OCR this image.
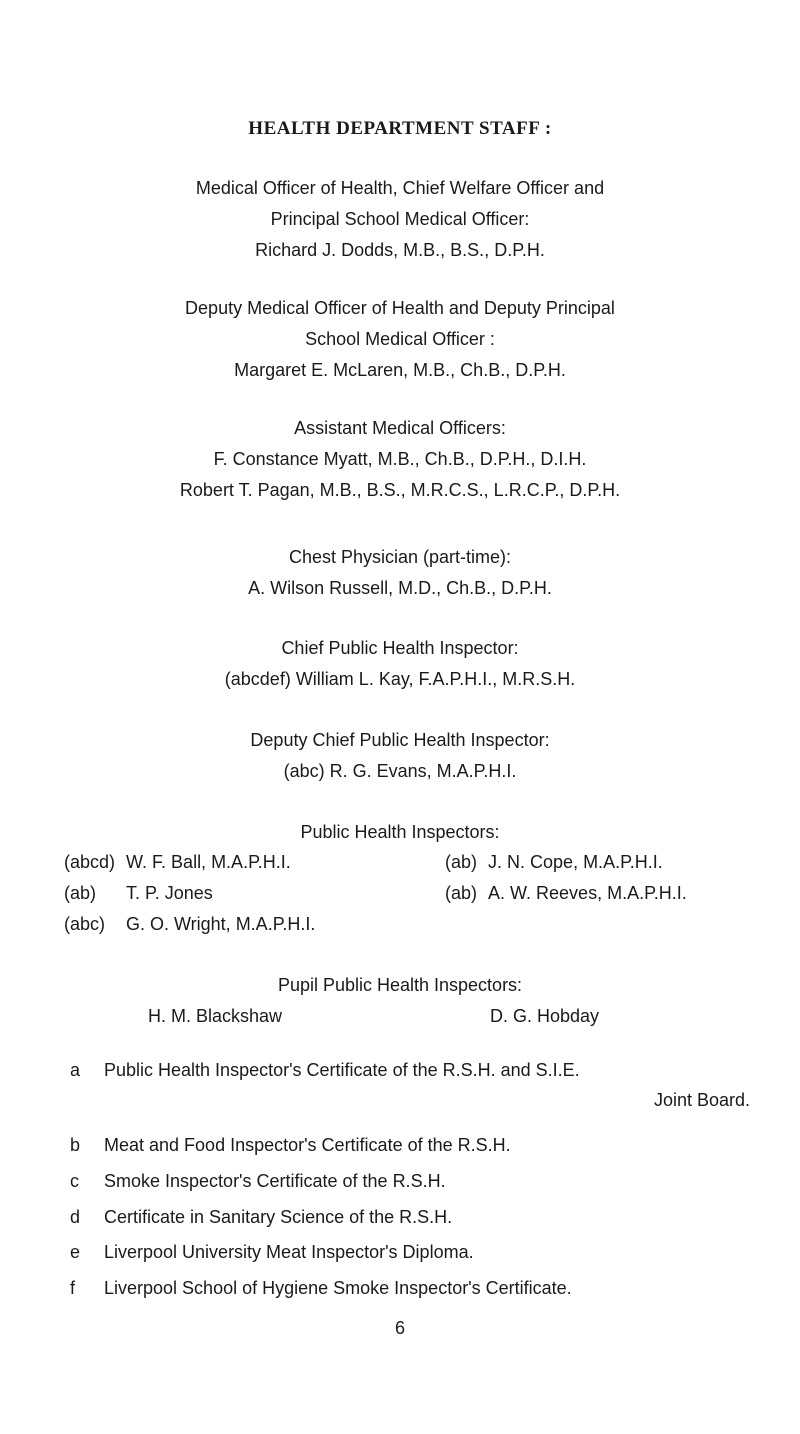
HEALTH DEPARTMENT STAFF :
Medical Officer of Health, Chief Welfare Officer and
Principal School Medical Officer:
Richard J. Dodds, M.B., B.S., D.P.H.
Deputy Medical Officer of Health and Deputy Principal
School Medical Officer :
Margaret E. McLaren, M.B., Ch.B., D.P.H.
Assistant Medical Officers:
F. Constance Myatt, M.B., Ch.B., D.P.H., D.I.H.
Robert T. Pagan, M.B., B.S., M.R.C.S., L.R.C.P., D.P.H.
Chest Physician (part-time):
A. Wilson Russell, M.D., Ch.B., D.P.H.
Chief Public Health Inspector:
(abcdef) William L. Kay, F.A.P.H.I., M.R.S.H.
Deputy Chief Public Health Inspector:
(abc) R. G. Evans, M.A.P.H.I.
Public Health Inspectors:
(abcd) W. F. Ball, M.A.P.H.I.	(ab) J. N. Cope, M.A.P.H.I.
(ab) T. P. Jones	(ab) A. W. Reeves, M.A.P.H.I.
(abc) G. O. Wright, M.A.P.H.I.
Pupil Public Health Inspectors:
H. M. Blackshaw	D. G. Hobday
a	Public Health Inspector's Certificate of the R.S.H. and S.I.E.
Joint Board.
b	Meat and Food Inspector's Certificate of the R.S.H.
c	Smoke Inspector's Certificate of the R.S.H.
d	Certificate in Sanitary Science of the R.S.H.
e	Liverpool University Meat Inspector's Diploma.
f	Liverpool School of Hygiene Smoke Inspector's Certificate.
6
